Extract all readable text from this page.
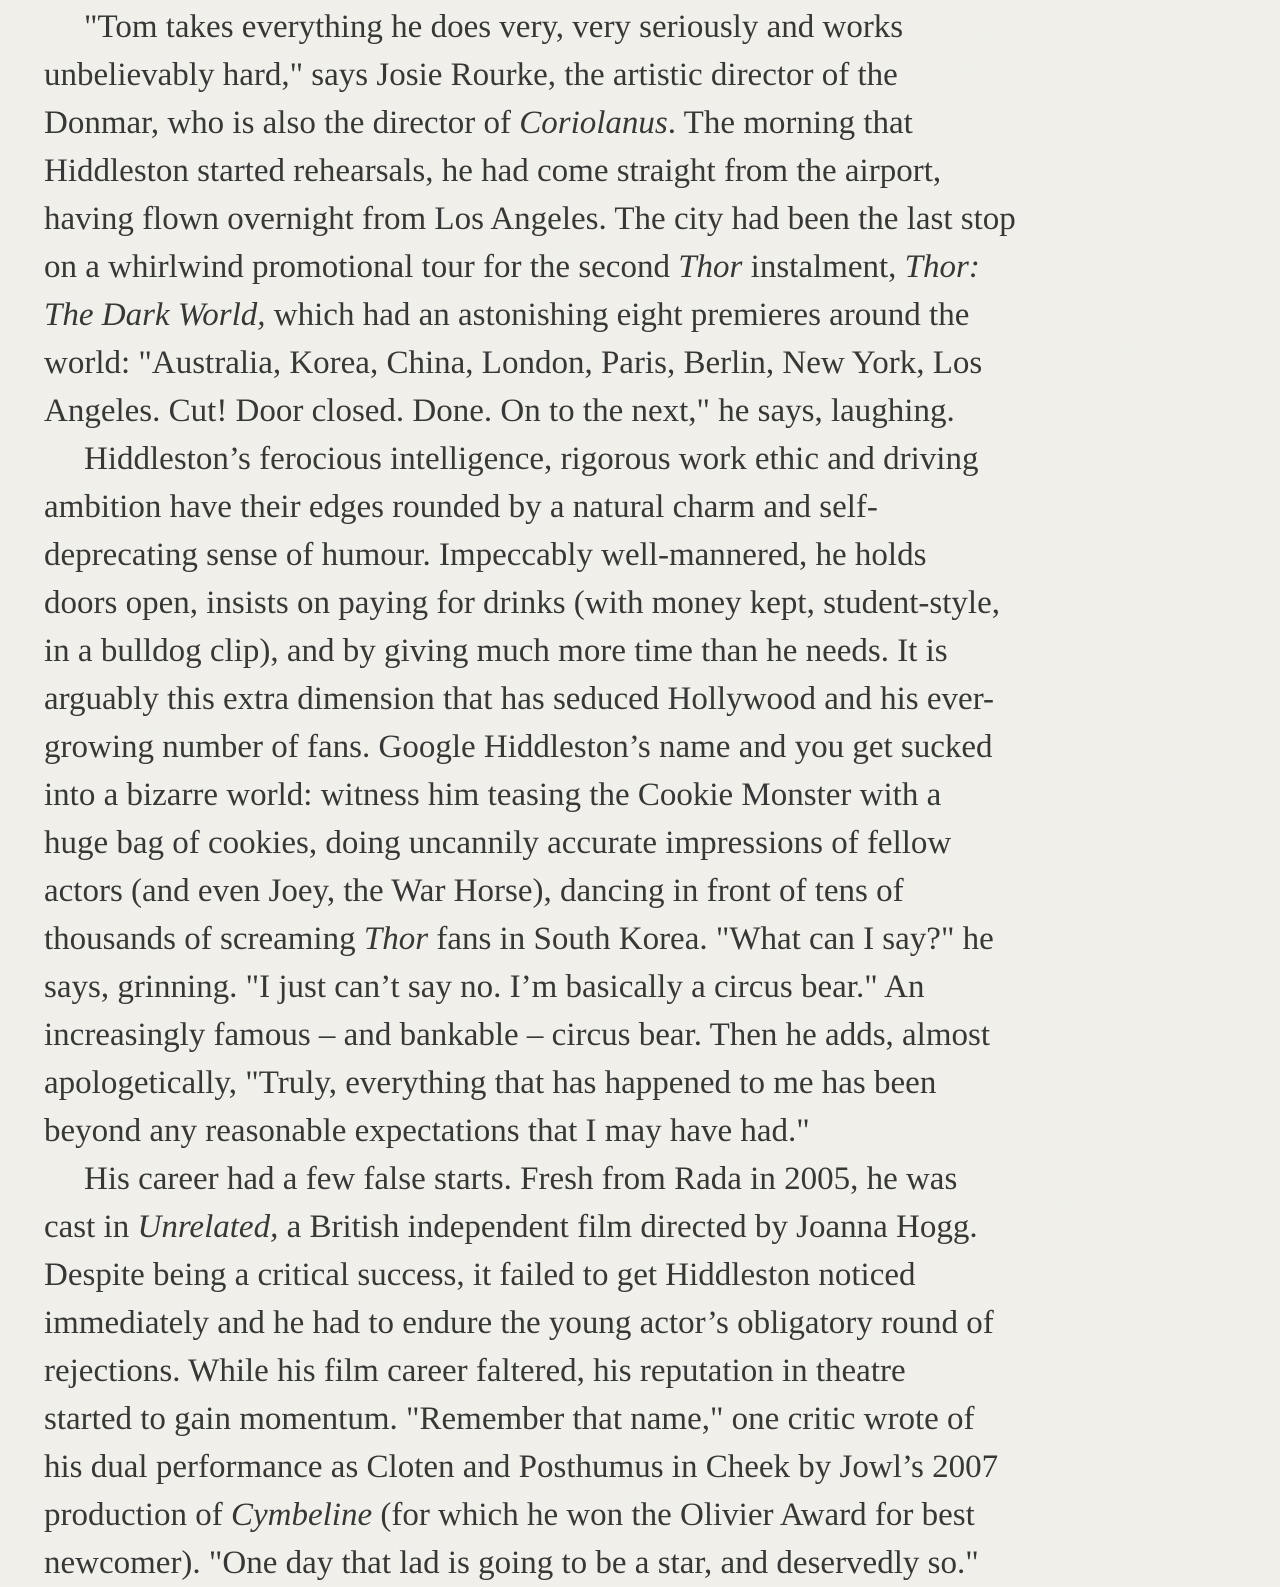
"Tom takes everything he does very, very seriously and works
unbelievably hard," says Josie Rourke, the artistic director of the
Donmar, who is also the director of Coriolanus. The morning that
Hiddleston started rehearsals, he had come straight from the airport,
having flown overnight from Los Angeles. The city had been the last stop
on a whirlwind promotional tour for the second Thor instalment, Thor:
The Dark World, which had an astonishing eight premieres around the
world: "Australia, Korea, China, London, Paris, Berlin, New York, Los
Angeles. Cut! Door closed. Done. On to the next," he says, laughing.
Hiddleston’s ferocious intelligence, rigorous work ethic and driving
ambition have their edges rounded by a natural charm and self-
deprecating sense of humour. Impeccably well-mannered, he holds
doors open, insists on paying for drinks (with money kept, student-style,
in a bulldog clip), and by giving much more time than he needs. It is
arguably this extra dimension that has seduced Hollywood and his ever-
growing number of fans. Google Hiddleston’s name and you get sucked
into a bizarre world: witness him teasing the Cookie Monster with a
huge bag of cookies, doing uncannily accurate impressions of fellow
actors (and even Joey, the War Horse), dancing in front of tens of
thousands of screaming Thor fans in South Korea. "What can I say?" he
says, grinning. "I just can’t say no. I’m basically a circus bear." An
increasingly famous – and bankable – circus bear. Then he adds, almost
apologetically, "Truly, everything that has happened to me has been
beyond any reasonable expectations that I may have had."
His career had a few false starts. Fresh from Rada in 2005, he was
cast in Unrelated, a British independent film directed by Joanna Hogg.
Despite being a critical success, it failed to get Hiddleston noticed
immediately and he had to endure the young actor’s obligatory round of
rejections. While his film career faltered, his reputation in theatre
started to gain momentum. "Remember that name," one critic wrote of
his dual performance as Cloten and Posthumus in Cheek by Jowl’s 2007
production of Cymbeline (for which he won the Olivier Award for best
newcomer). "One day that lad is going to be a star, and deservedly so."
